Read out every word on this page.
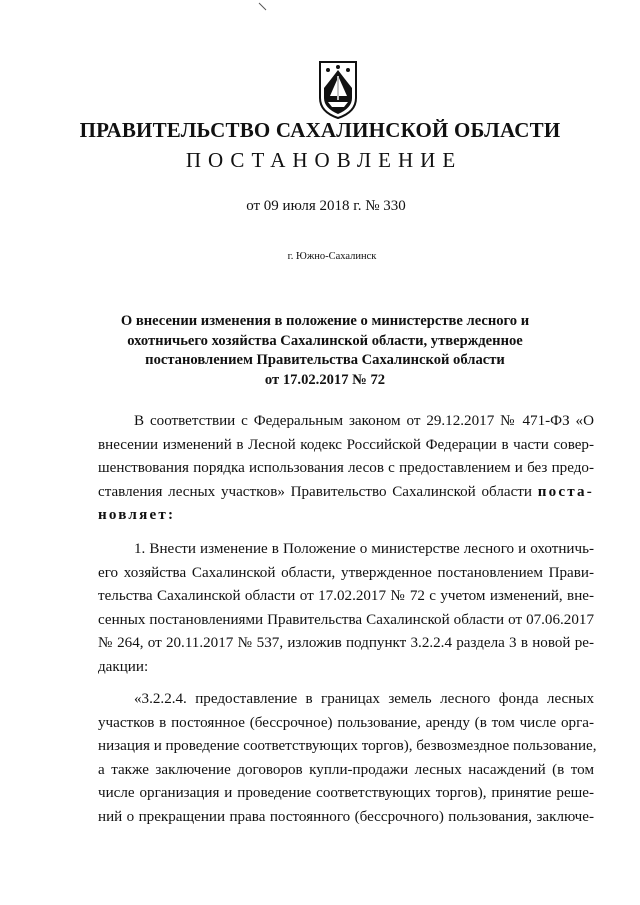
ПРАВИТЕЛЬСТВО САХАЛИНСКОЙ ОБЛАСТИ
ПОСТАНОВЛЕНИЕ
от 09 июля 2018 г. № 330
г. Южно-Сахалинск
О внесении изменения в положение о министерстве лесного и
охотничьего хозяйства Сахалинской области, утвержденное
постановлением Правительства Сахалинской области
от 17.02.2017 № 72
В соответствии с Федеральным законом от 29.12.2017 № 471-ФЗ «О
внесении изменений в Лесной кодекс Российской Федерации в части совер-
шенствования порядка использования лесов с предоставлением и без предо-
ставления лесных участков» Правительство Сахалинской области поста-
новляет:
1. Внести изменение в Положение о министерстве лесного и охотничь-
его хозяйства Сахалинской области, утвержденное постановлением Прави-
тельства Сахалинской области от 17.02.2017 № 72 с учетом изменений, вне-
сенных постановлениями Правительства Сахалинской области от 07.06.2017
№ 264, от 20.11.2017 № 537, изложив подпункт 3.2.2.4 раздела 3 в новой ре-
дакции:
«3.2.2.4. предоставление в границах земель лесного фонда лесных
участков в постоянное (бессрочное) пользование, аренду (в том числе орга-
низация и проведение соответствующих торгов), безвозмездное пользование,
а также заключение договоров купли-продажи лесных насаждений (в том
числе организация и проведение соответствующих торгов), принятие реше-
ний о прекращении права постоянного (бессрочного) пользования, заключе-
